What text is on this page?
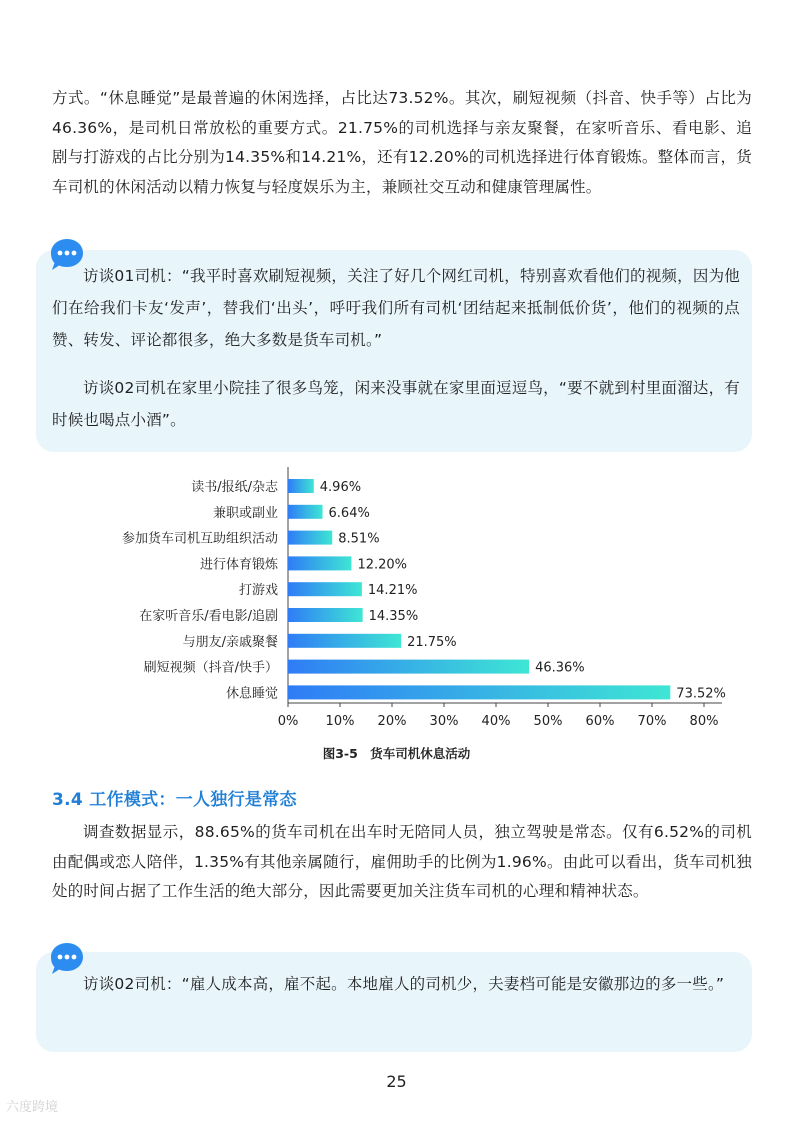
方式。“休息睡觉”是最普遍的休闲选择，占比达73.52%。其次，刷短视频（抖音、快手等）占比为46.36%，是司机日常放松的重要方式。21.75%的司机选择与亲友聚餐，在家听音乐、看电影、追剧与打游戏的占比分别为14.35%和14.21%，还有12.20%的司机选择进行体育锻炼。整体而言，货车司机的休闲活动以精力恢复与轻度娱乐为主，兼顾社交互动和健康管理属性。

访谈01司机：“我平时喜欢刷短视频，关注了好几个网红司机，特别喜欢看他们的视频，因为他们在给我们卡友‘发声’，替我们‘出头’，呼吁我们所有司机‘团结起来抵制低价货’，他们的视频的点赞、转发、评论都很多，绝大多数是货车司机。”

访谈02司机在家里小院挂了很多鸟笼，闲来没事就在家里面逗逗鸟，“要不就到村里面溜达，有时候也喝点小酒”。

读书/报纸/杂志	4.96%
兼职或副业	6.64%
参加货车司机互助组织活动	8.51%
进行体育锻炼	12.20%
打游戏	14.21%
在家听音乐/看电影/追剧	14.35%
与朋友/亲戚聚餐	21.75%
刷短视频（抖音/快手）	46.36%
休息睡觉	73.52%
0% 10% 20% 30% 40% 50% 60% 70% 80%
图3-5　货车司机休息活动
3.4 工作模式：一人独行是常态

调查数据显示，88.65%的货车司机在出车时无陪同人员，独立驾驶是常态。仅有6.52%的司机由配偶或恋人陪伴，1.35%有其他亲属随行，雇佣助手的比例为1.96%。由此可以看出，货车司机独处的时间占据了工作生活的绝大部分，因此需要更加关注货车司机的心理和精神状态。

访谈02司机：“雇人成本高，雇不起。本地雇人的司机少，夫妻档可能是安徽那边的多一些。”

25
六度跨境
